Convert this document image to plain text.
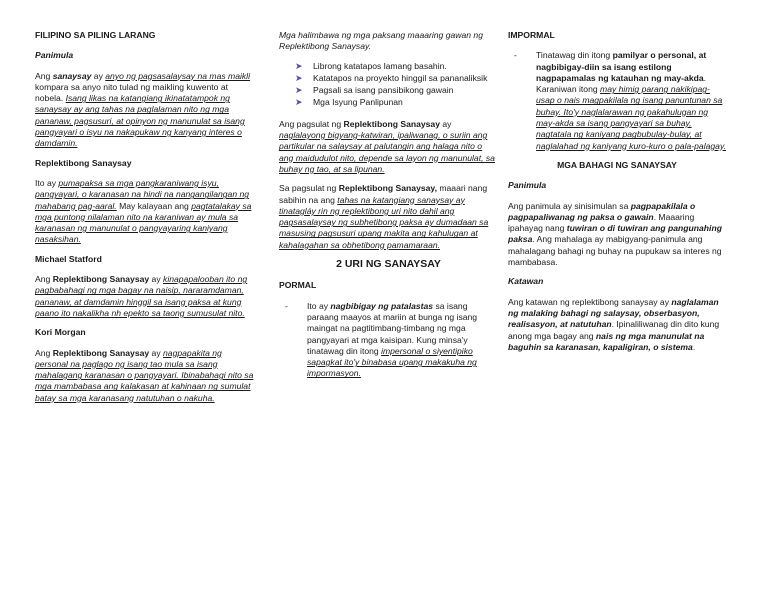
FILIPINO SA PILING LARANG
Panimula

Ang sanaysay ay anyo ng pagsasalaysay na mas maikli kompara sa anyo nito tulad ng maikling kuwento at nobela. Isang likas na katangiang ikinatatampok ng sanaysay ay ang tahas na paglalaman nito ng mga pananaw, pagsusuri, at opinyon ng manunulat sa isang pangyayari o isyu na nakapukaw ng kanyang interes o damdamin.

Replektibong Sanaysay

Ito ay pumapaksa sa mga pangkaraniwang isyu, pangyayari, o karanasan na hindi na nangangilangan ng mahabang pag-aaral. May kalayaan ang pagtatalakay sa mga puntong nilalaman nito na karaniwan ay mula sa karanasan ng manunulat o pangyayaring kaniyang nasaksihan.

Michael Statford

Ang Replektibong Sanaysay ay kinapapalooban ito ng pagbabahagi ng mga bagay na naisip, nararamdaman, pananaw, at damdamin hinggil sa isang paksa at kung paano ito nakalikha nh epekto sa taong sumusulat nito.

Kori Morgan

Ang Replektibong Sanaysay ay nagpapakita ng personal na paglago ng isang tao mula sa isang mahalagang karanasan o pangyayari. Ibinabahagi nito sa mga mambabasa ang kalakasan at kahinaan ng sumulat batay sa mga karanasang natutuhan o nakuha.

Mga halimbawa ng mga paksang maaaring gawan ng Replektibong Sanaysay.

➤ Librong katatapos lamang basahin.
➤ Katatapos na proyekto hinggil sa pananaliksik
➤ Pagsali sa isang pansibikong gawain
➤ Mga Isyung Panlipunan

Ang pagsulat ng Replektibong Sanaysay ay naglalayong bigyang-katwiran, ipaliwanag, o suriin ang partikular na salaysay at palutangin ang halaga nito o ang maidudulot nito, depende sa layon ng manunulat, sa buhay ng tao, at sa lipunan.

Sa pagsulat ng Replektibong Sanaysay, maaari nang sabihin na ang tahas na katangiang sanaysay ay tinatagláy rin ng replektibong uri nito dahil ang pagsasalaysay ng subhetibong paksa ay dumadaan sa masusing pagsusuri upang makita ang kahulugan at kahalagahan sa obhetibong pamamaraan.

2 URI NG SANAYSAY
PORMAL
-	Ito ay nagbibigay ng patalastas sa isang paraang maayos at mariin at bunga ng isang maingat na pagtitimbang-timbang ng mga pangyayari at mga kaisipan. Kung minsa'y tinatawag din itong impersonal o siyentipiko sapagkat ito'y binabasa upang makakuha ng impormasyon.
IMPORMAL
-	Tinatawag din itong pamilyar o personal, at nagbibigay-diin sa isang estilong nagpapamalas ng katauhan ng may-akda. Karaniwan itong may himig parang nakikipag-usap o nais magpakilala ng isang panuntunan sa buhay. Ito'y naglalarawan ng pakahulugan ng may-akda sa isang pangyayari sa buhay, nagtatala ng kaniyang pagbubulay-bulay, at naglalahad ng kaniyang kuro-kuro o pala-palagay.
MGA BAHAGI NG SANAYSAY
Panimula

Ang panimula ay sinisimulan sa pagpapakilala o pagpapaliwanag ng paksa o gawain. Maaaring ipahayag nang tuwiran o di tuwiran ang pangunahing paksa. Ang mahalaga ay mabigyang-panimula ang mahalagang bahagi ng buhay na pupukaw sa interes ng mambabasa.

Katawan

Ang katawan ng replektibong sanaysay ay naglalaman ng malaking bahagi ng salaysay, obserbasyon, realisasyon, at natutuhan. Ipinaliliwanag din dito kung anong mga bagay ang nais ng mga manunulat na baguhin sa karanasan, kapaligiran, o sistema.
